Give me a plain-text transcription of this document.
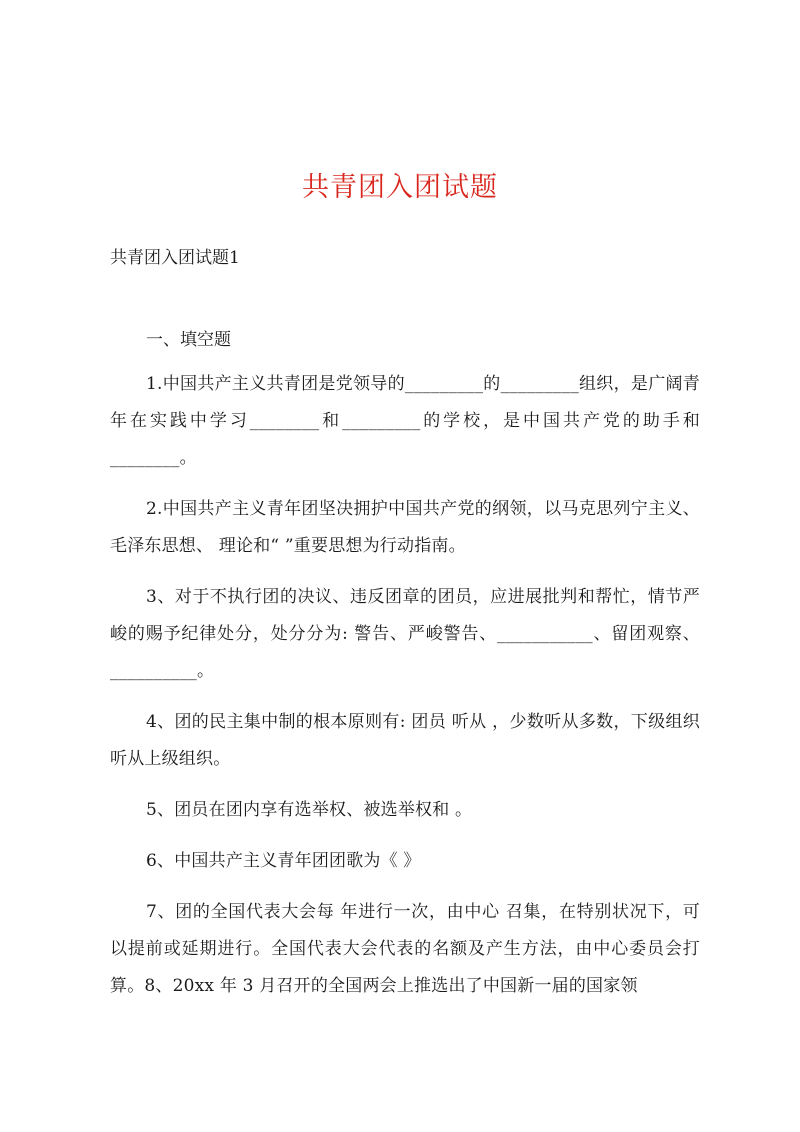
共青团入团试题

共青团入团试题1

一、填空题

1.中国共产主义共青团是党领导的_________的_________组织，是广阔青年在实践中学习________和_________的学校，是中国共产党的助手和________。

2.中国共产主义青年团坚决拥护中国共产党的纲领，以马克思列宁主义、毛泽东思想、 理论和“ ”重要思想为行动指南。

3、对于不执行团的决议、违反团章的团员，应进展批判和帮忙，情节严峻的赐予纪律处分，处分分为: 警告、严峻警告、___________、留团观察、__________。

4、团的民主集中制的根本原则有: 团员 听从 ，少数听从多数，下级组织听从上级组织。

5、团员在团内享有选举权、被选举权和 。

6、中国共产主义青年团团歌为《 》

7、团的全国代表大会每 年进行一次，由中心 召集，在特别状况下，可以提前或延期进行。全国代表大会代表的名额及产生方法，由中心委员会打算。8、20xx 年 3 月召开的全国两会上推选出了中国新一届的国家领
